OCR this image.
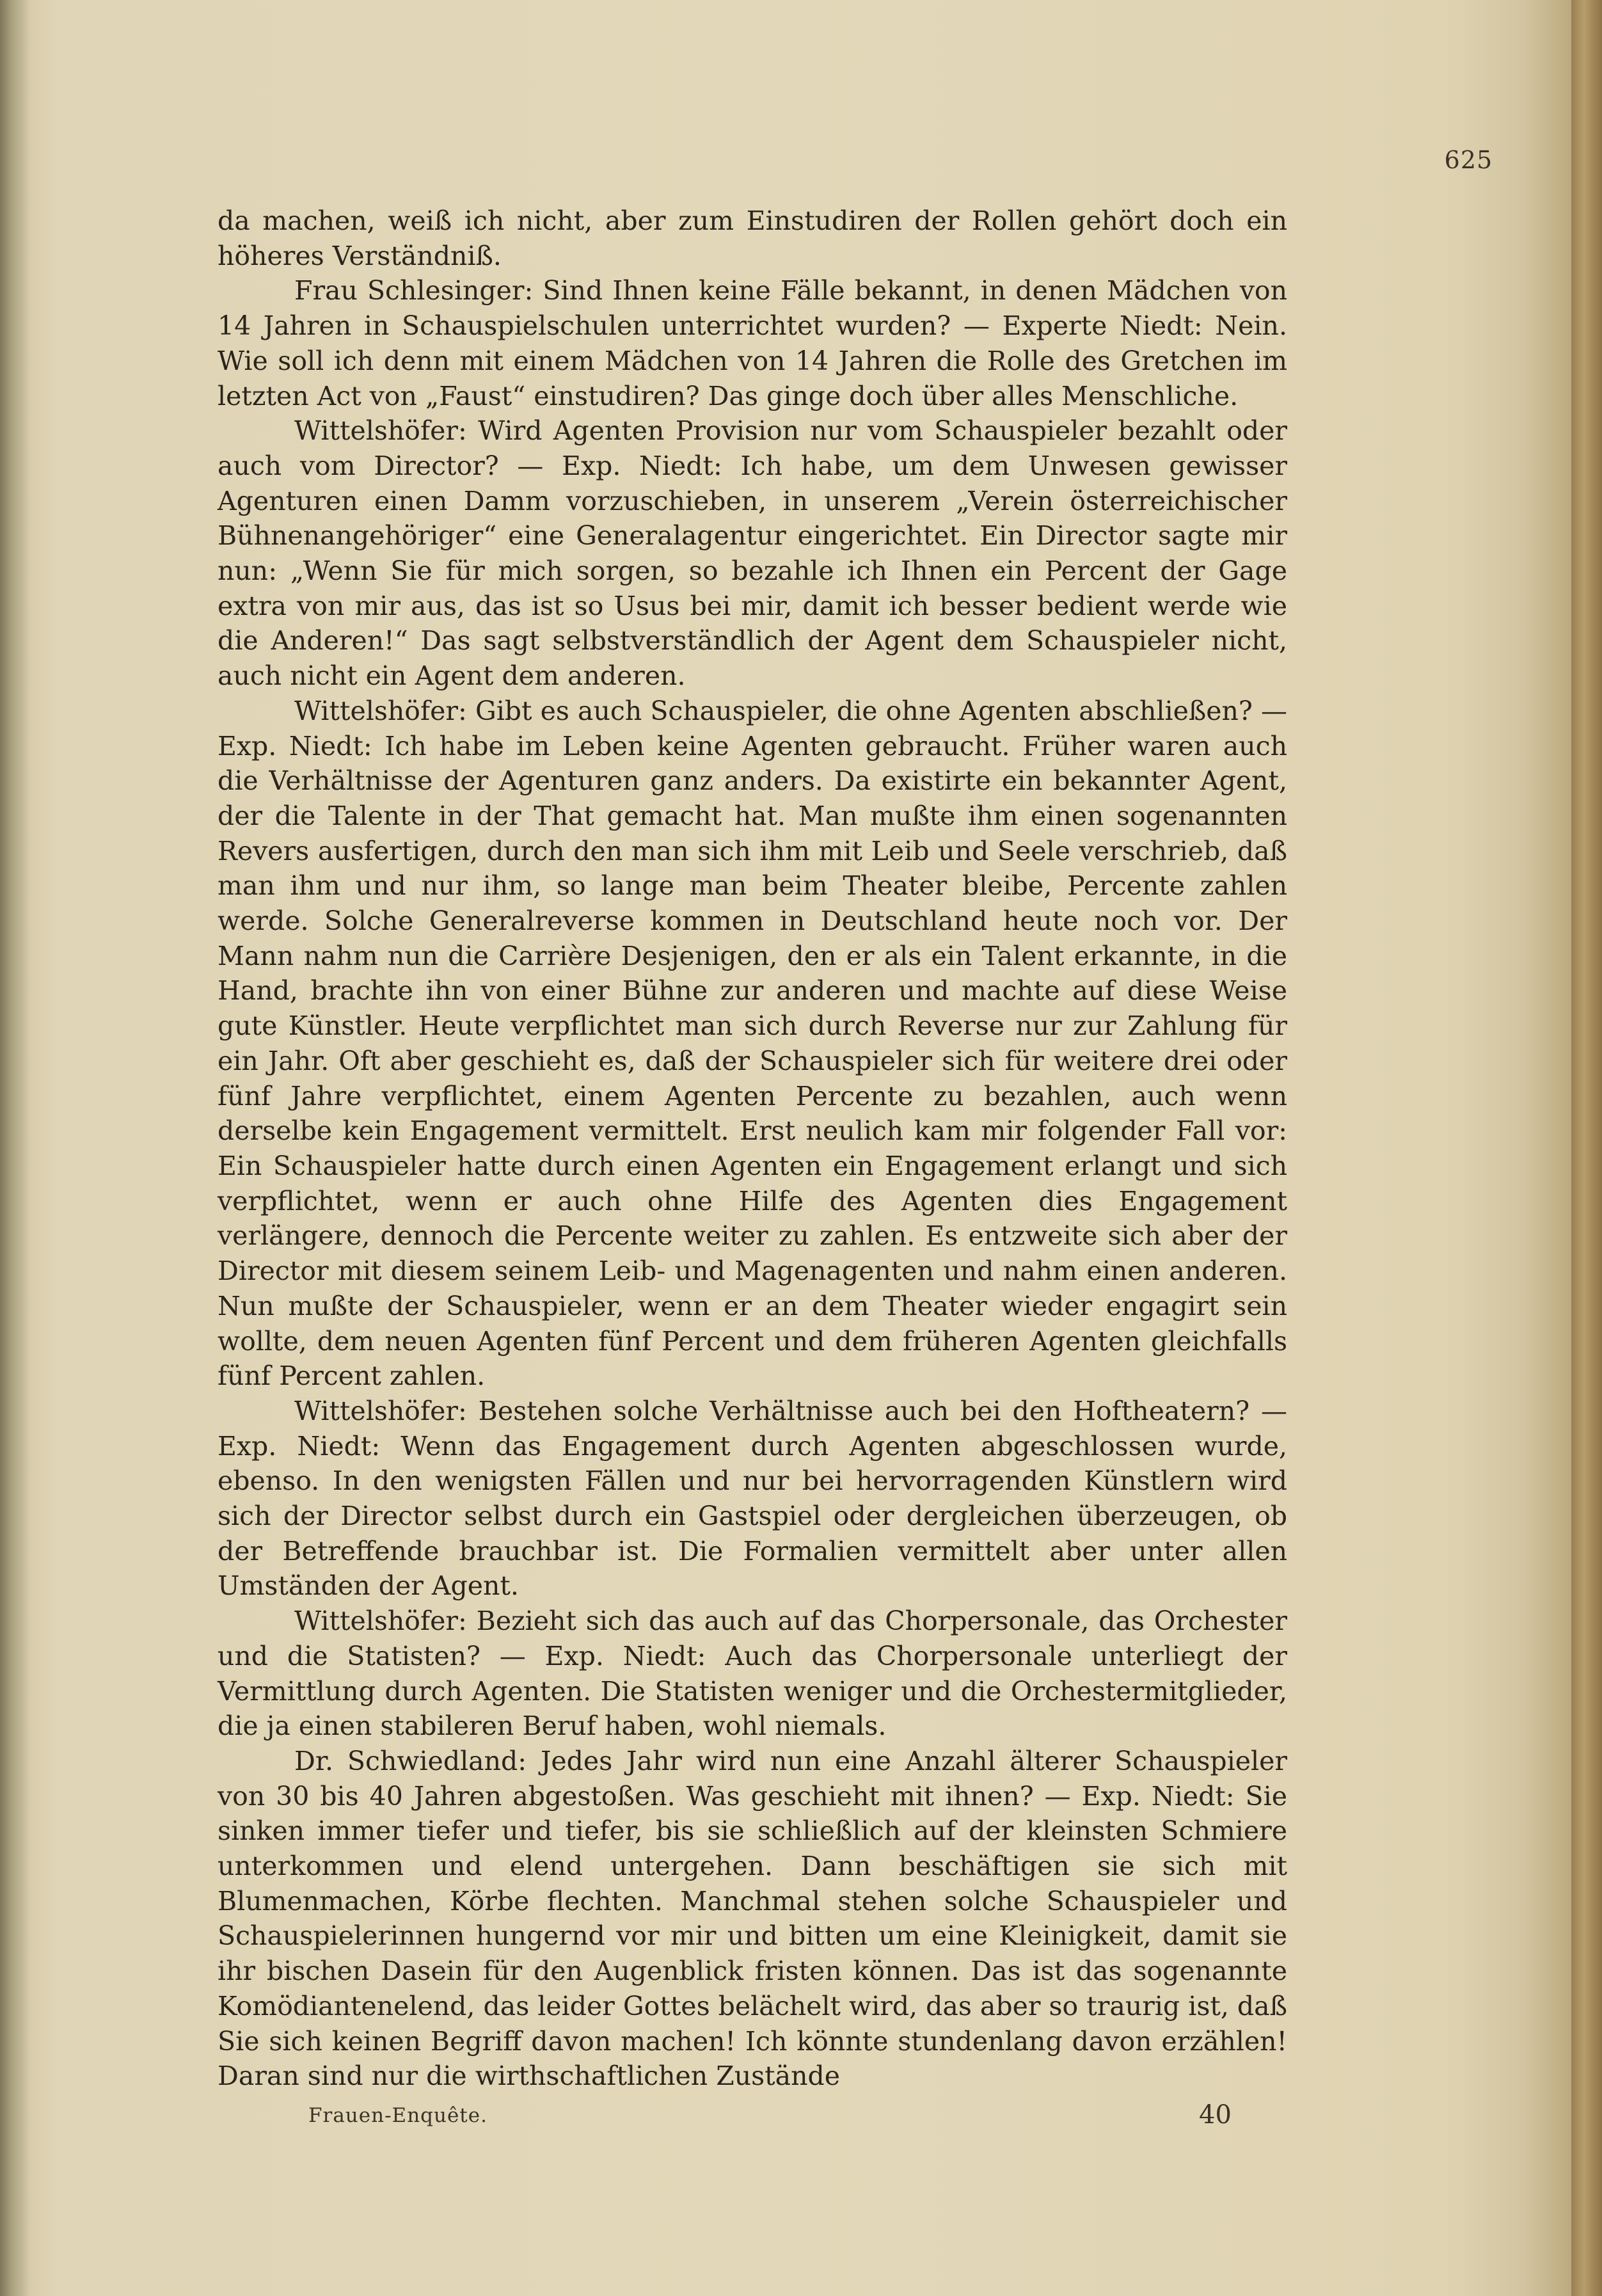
625

da machen, weiß ich nicht, aber zum Einstudiren der Rollen gehört doch ein höheres Verständniß.

Frau Schlesinger: Sind Ihnen keine Fälle bekannt, in denen Mädchen von 14 Jahren in Schauspielschulen unterrichtet wurden? — Experte Niedt: Nein. Wie soll ich denn mit einem Mädchen von 14 Jahren die Rolle des Gretchen im letzten Act von „Faust“ einstudiren? Das ginge doch über alles Menschliche.

Wittelshöfer: Wird Agenten Provision nur vom Schauspieler bezahlt oder auch vom Director? — Exp. Niedt: Ich habe, um dem Unwesen gewisser Agenturen einen Damm vorzuschieben, in unserem „Verein österreichischer Bühnenangehöriger“ eine Generalagentur eingerichtet. Ein Director sagte mir nun: „Wenn Sie für mich sorgen, so bezahle ich Ihnen ein Percent der Gage extra von mir aus, das ist so Usus bei mir, damit ich besser bedient werde wie die Anderen!“ Das sagt selbstverständlich der Agent dem Schauspieler nicht, auch nicht ein Agent dem anderen.

Wittelshöfer: Gibt es auch Schauspieler, die ohne Agenten abschließen? — Exp. Niedt: Ich habe im Leben keine Agenten gebraucht. Früher waren auch die Verhältnisse der Agenturen ganz anders. Da existirte ein bekannter Agent, der die Talente in der That gemacht hat. Man mußte ihm einen sogenannten Revers ausfertigen, durch den man sich ihm mit Leib und Seele verschrieb, daß man ihm und nur ihm, so lange man beim Theater bleibe, Percente zahlen werde. Solche Generalreverse kommen in Deutschland heute noch vor. Der Mann nahm nun die Carrière Desjenigen, den er als ein Talent erkannte, in die Hand, brachte ihn von einer Bühne zur anderen und machte auf diese Weise gute Künstler. Heute verpflichtet man sich durch Reverse nur zur Zahlung für ein Jahr. Oft aber geschieht es, daß der Schauspieler sich für weitere drei oder fünf Jahre verpflichtet, einem Agenten Percente zu bezahlen, auch wenn derselbe kein Engagement vermittelt. Erst neulich kam mir folgender Fall vor: Ein Schauspieler hatte durch einen Agenten ein Engagement erlangt und sich verpflichtet, wenn er auch ohne Hilfe des Agenten dies Engagement verlängere, dennoch die Percente weiter zu zahlen. Es entzweite sich aber der Director mit diesem seinem Leib- und Magenagenten und nahm einen anderen. Nun mußte der Schauspieler, wenn er an dem Theater wieder engagirt sein wollte, dem neuen Agenten fünf Percent und dem früheren Agenten gleichfalls fünf Percent zahlen.

Wittelshöfer: Bestehen solche Verhältnisse auch bei den Hoftheatern? — Exp. Niedt: Wenn das Engagement durch Agenten abgeschlossen wurde, ebenso. In den wenigsten Fällen und nur bei hervorragenden Künstlern wird sich der Director selbst durch ein Gastspiel oder dergleichen überzeugen, ob der Betreffende brauchbar ist. Die Formalien vermittelt aber unter allen Umständen der Agent.

Wittelshöfer: Bezieht sich das auch auf das Chorpersonale, das Orchester und die Statisten? — Exp. Niedt: Auch das Chorpersonale unterliegt der Vermittlung durch Agenten. Die Statisten weniger und die Orchestermitglieder, die ja einen stabileren Beruf haben, wohl niemals.

Dr. Schwiedland: Jedes Jahr wird nun eine Anzahl älterer Schauspieler von 30 bis 40 Jahren abgestoßen. Was geschieht mit ihnen? — Exp. Niedt: Sie sinken immer tiefer und tiefer, bis sie schließlich auf der kleinsten Schmiere unterkommen und elend untergehen. Dann beschäftigen sie sich mit Blumenmachen, Körbe flechten. Manchmal stehen solche Schauspieler und Schauspielerinnen hungernd vor mir und bitten um eine Kleinigkeit, damit sie ihr bischen Dasein für den Augenblick fristen können. Das ist das sogenannte Komödiantenelend, das leider Gottes belächelt wird, das aber so traurig ist, daß Sie sich keinen Begriff davon machen! Ich könnte stundenlang davon erzählen! Daran sind nur die wirthschaftlichen Zustände

Frauen-Enquête.	40
